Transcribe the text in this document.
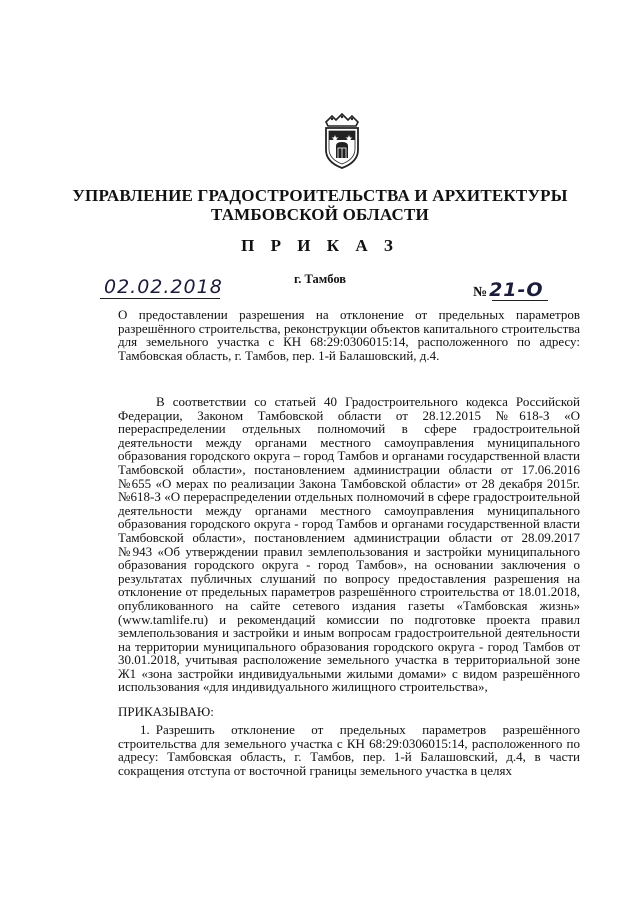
УПРАВЛЕНИЕ ГРАДОСТРОИТЕЛЬСТВА И АРХИТЕКТУРЫ
ТАМБОВСКОЙ ОБЛАСТИ
П Р И К А З
г. Тамбов
02.02.2018	№ 21-О
О предоставлении разрешения на отклонение от предельных параметров разрешённого строительства, реконструкции объектов капитального строительства для земельного участка с КН 68:29:0306015:14, расположенного по адресу: Тамбовская область, г. Тамбов, пер. 1-й Балашовский, д.4.
В соответствии со статьей 40 Градостроительного кодекса Российской Федерации, Законом Тамбовской области от 28.12.2015 №618-З «О перераспределении отдельных полномочий в сфере градостроительной деятельности между органами местного самоуправления муниципального образования городского округа – город Тамбов и органами государственной власти Тамбовской области», постановлением администрации области от 17.06.2016 №655 «О мерах по реализации Закона Тамбовской области» от 28 декабря 2015г. №618-З «О перераспределении отдельных полномочий в сфере градостроительной деятельности между органами местного самоуправления муниципального образования городского округа - город Тамбов и органами государственной власти Тамбовской области», постановлением администрации области от 28.09.2017 №943 «Об утверждении правил землепользования и застройки муниципального образования городского округа - город Тамбов», на основании заключения о результатах публичных слушаний по вопросу предоставления разрешения на отклонение от предельных параметров разрешённого строительства от 18.01.2018, опубликованного на сайте сетевого издания газеты «Тамбовская жизнь» (www.tamlife.ru) и рекомендаций комиссии по подготовке проекта правил землепользования и застройки и иным вопросам градостроительной деятельности на территории муниципального образования городского округа - город Тамбов от 30.01.2018, учитывая расположение земельного участка в территориальной зоне Ж1 «зона застройки индивидуальными жилыми домами» с видом разрешённого использования «для индивидуального жилищного строительства»,
ПРИКАЗЫВАЮ:
1. Разрешить отклонение от предельных параметров разрешённого строительства для земельного участка с КН 68:29:0306015:14, расположенного по адресу: Тамбовская область, г. Тамбов, пер. 1-й Балашовский, д.4, в части сокращения отступа от восточной границы земельного участка в целях
